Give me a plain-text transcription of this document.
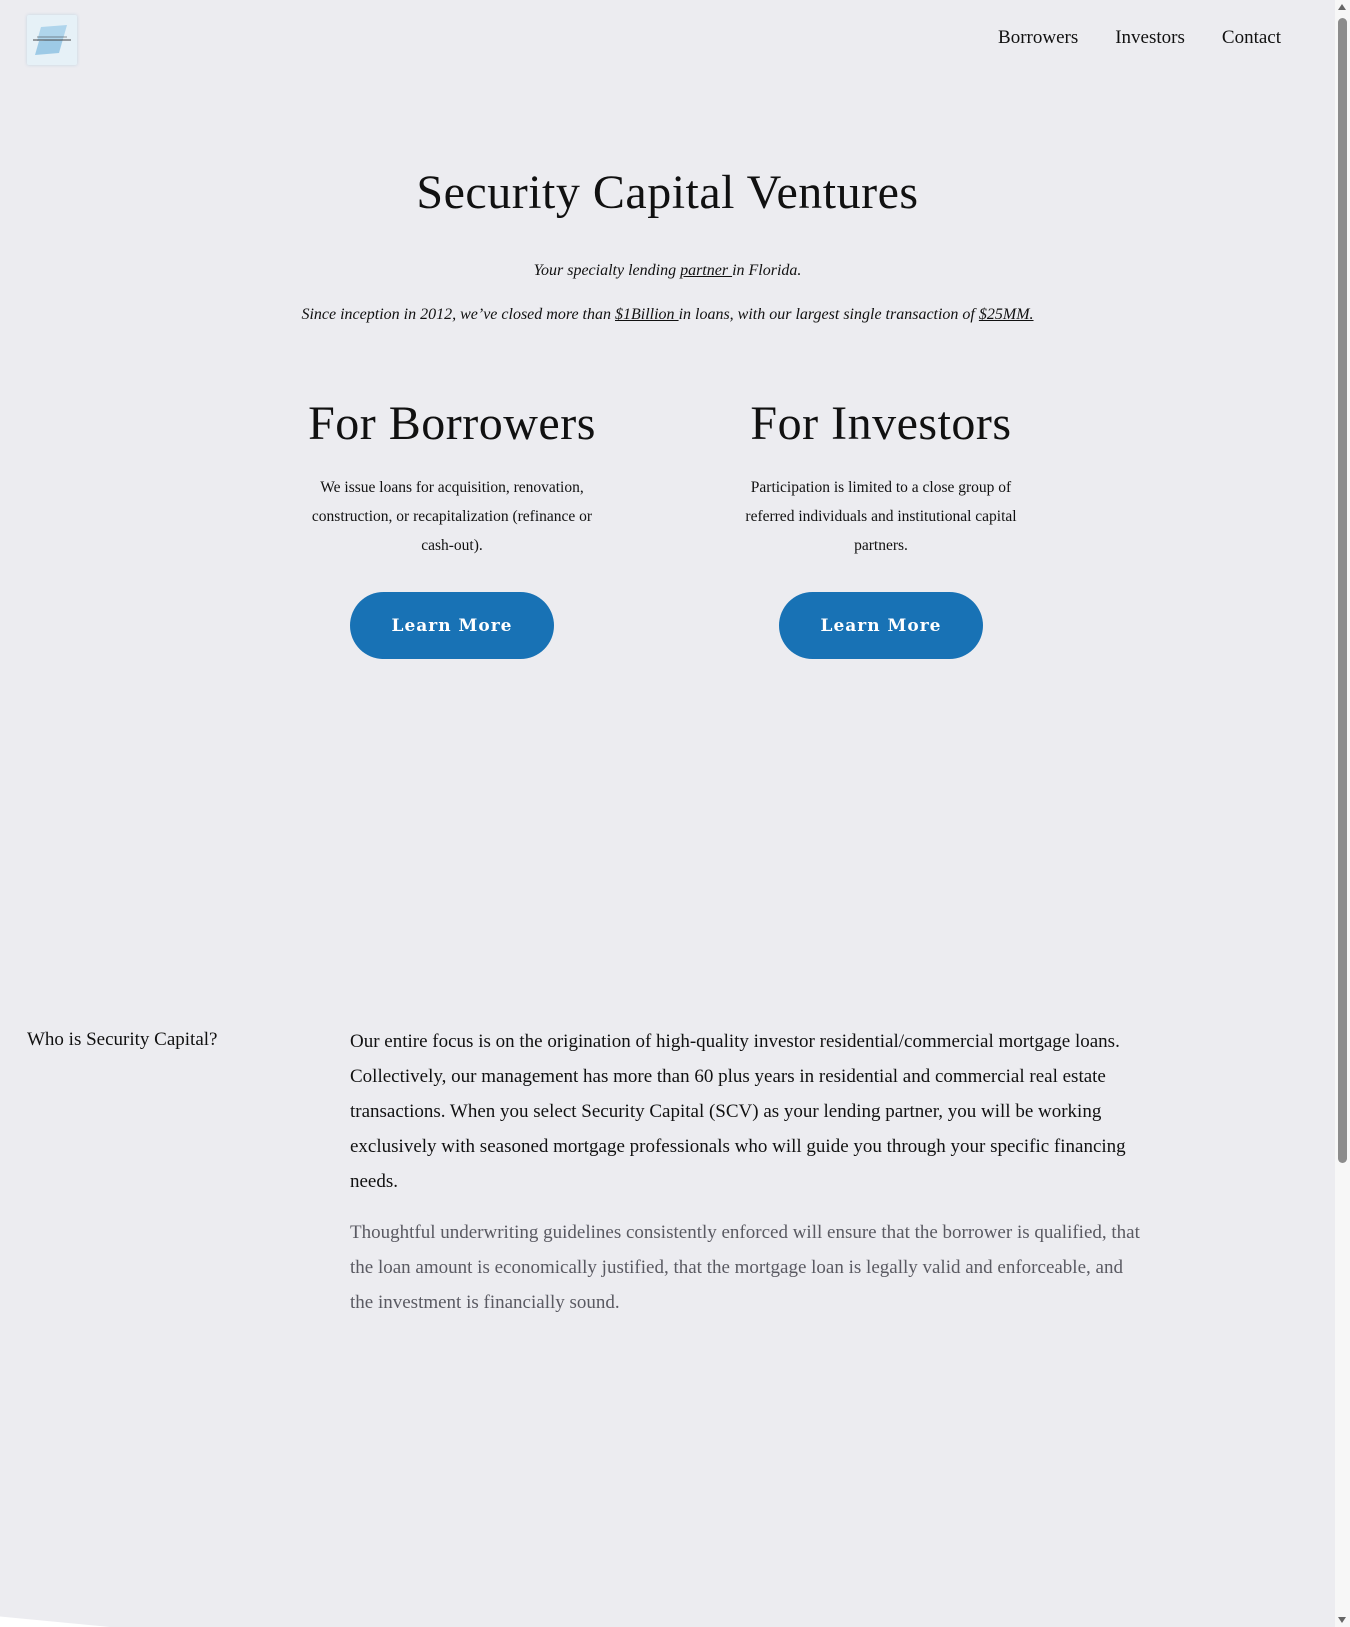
Borrowers Investors Contact
Security Capital Ventures

Your specialty lending partner in Florida.

Since inception in 2012, we’ve closed more than $1Billion in loans, with our largest single transaction of $25MM.

For Borrowers

We issue loans for acquisition, renovation, construction, or recapitalization (refinance or cash-out).

Learn More
For Investors

Participation is limited to a close group of referred individuals and institutional capital partners.

Learn More
Who is Security Capital?	Our entire focus is on the origination of high-quality investor residential/commercial mortgage loans. Collectively, our management has more than 60 plus years in residential and commercial real estate transactions. When you select Security Capital (SCV) as your lending partner, you will be working exclusively with seasoned mortgage professionals who will guide you through your specific financing needs.

Thoughtful underwriting guidelines consistently enforced will ensure that the borrower is qualified, that the loan amount is economically justified, that the mortgage loan is legally valid and enforceable, and the investment is financially sound.
